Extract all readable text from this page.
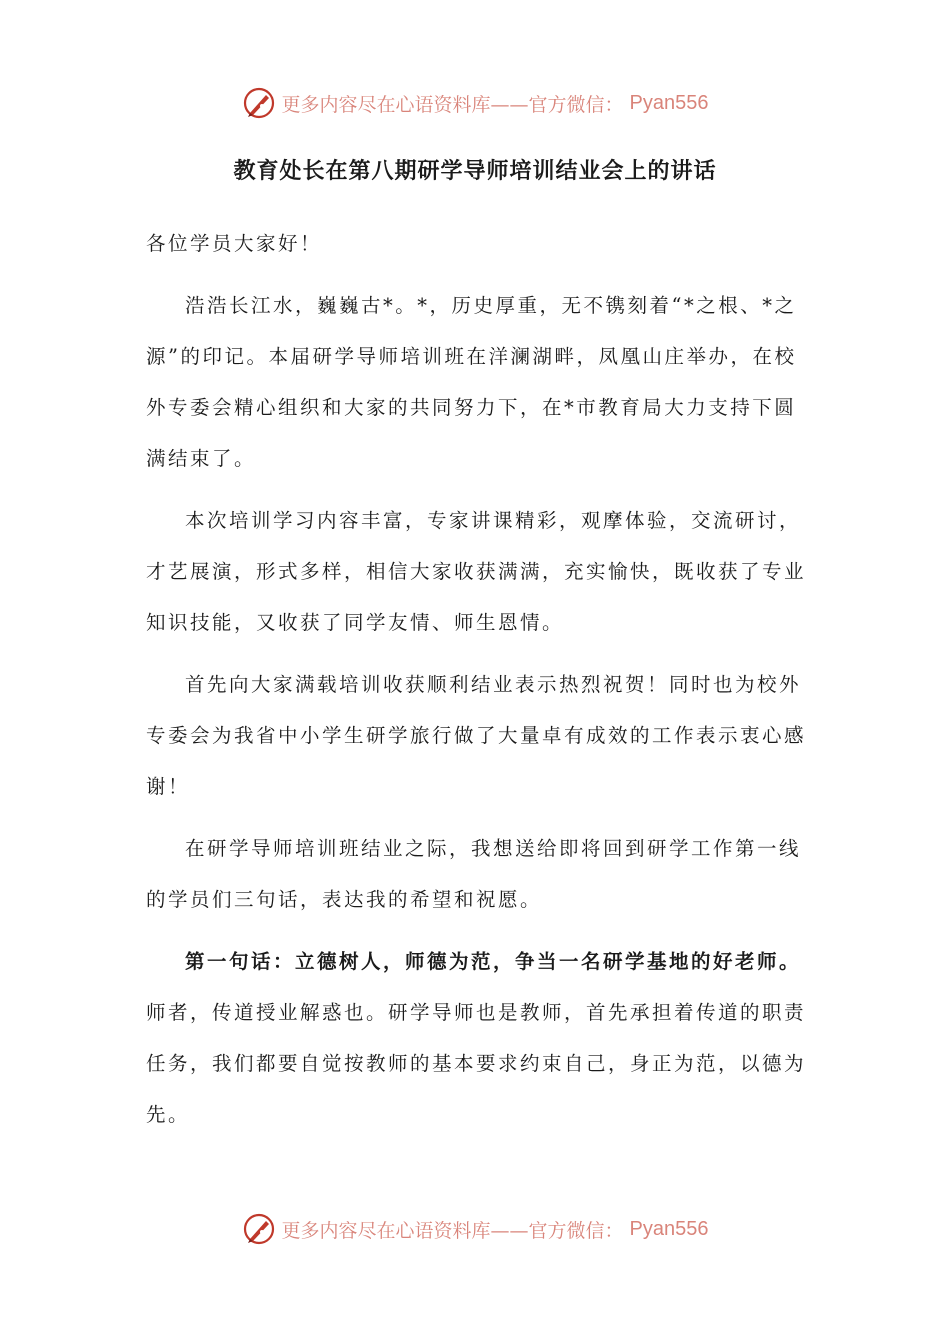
更多内容尽在心语资料库——官方微信： Pyan556
教育处长在第八期研学导师培训结业会上的讲话

各位学员大家好！

浩浩长江水，巍巍古*。*，历史厚重，无不镌刻着“*之根、*之源”的印记。本届研学导师培训班在洋澜湖畔，凤凰山庄举办，在校外专委会精心组织和大家的共同努力下，在*市教育局大力支持下圆满结束了。

本次培训学习内容丰富，专家讲课精彩，观摩体验，交流研讨，才艺展演，形式多样，相信大家收获满满，充实愉快，既收获了专业知识技能，又收获了同学友情、师生恩情。

首先向大家满载培训收获顺利结业表示热烈祝贺！同时也为校外专委会为我省中小学生研学旅行做了大量卓有成效的工作表示衷心感谢！

在研学导师培训班结业之际，我想送给即将回到研学工作第一线的学员们三句话，表达我的希望和祝愿。

第一句话：立德树人，师德为范，争当一名研学基地的好老师。师者，传道授业解惑也。研学导师也是教师，首先承担着传道的职责任务，我们都要自觉按教师的基本要求约束自己，身正为范，以德为先。

更多内容尽在心语资料库——官方微信： Pyan556
